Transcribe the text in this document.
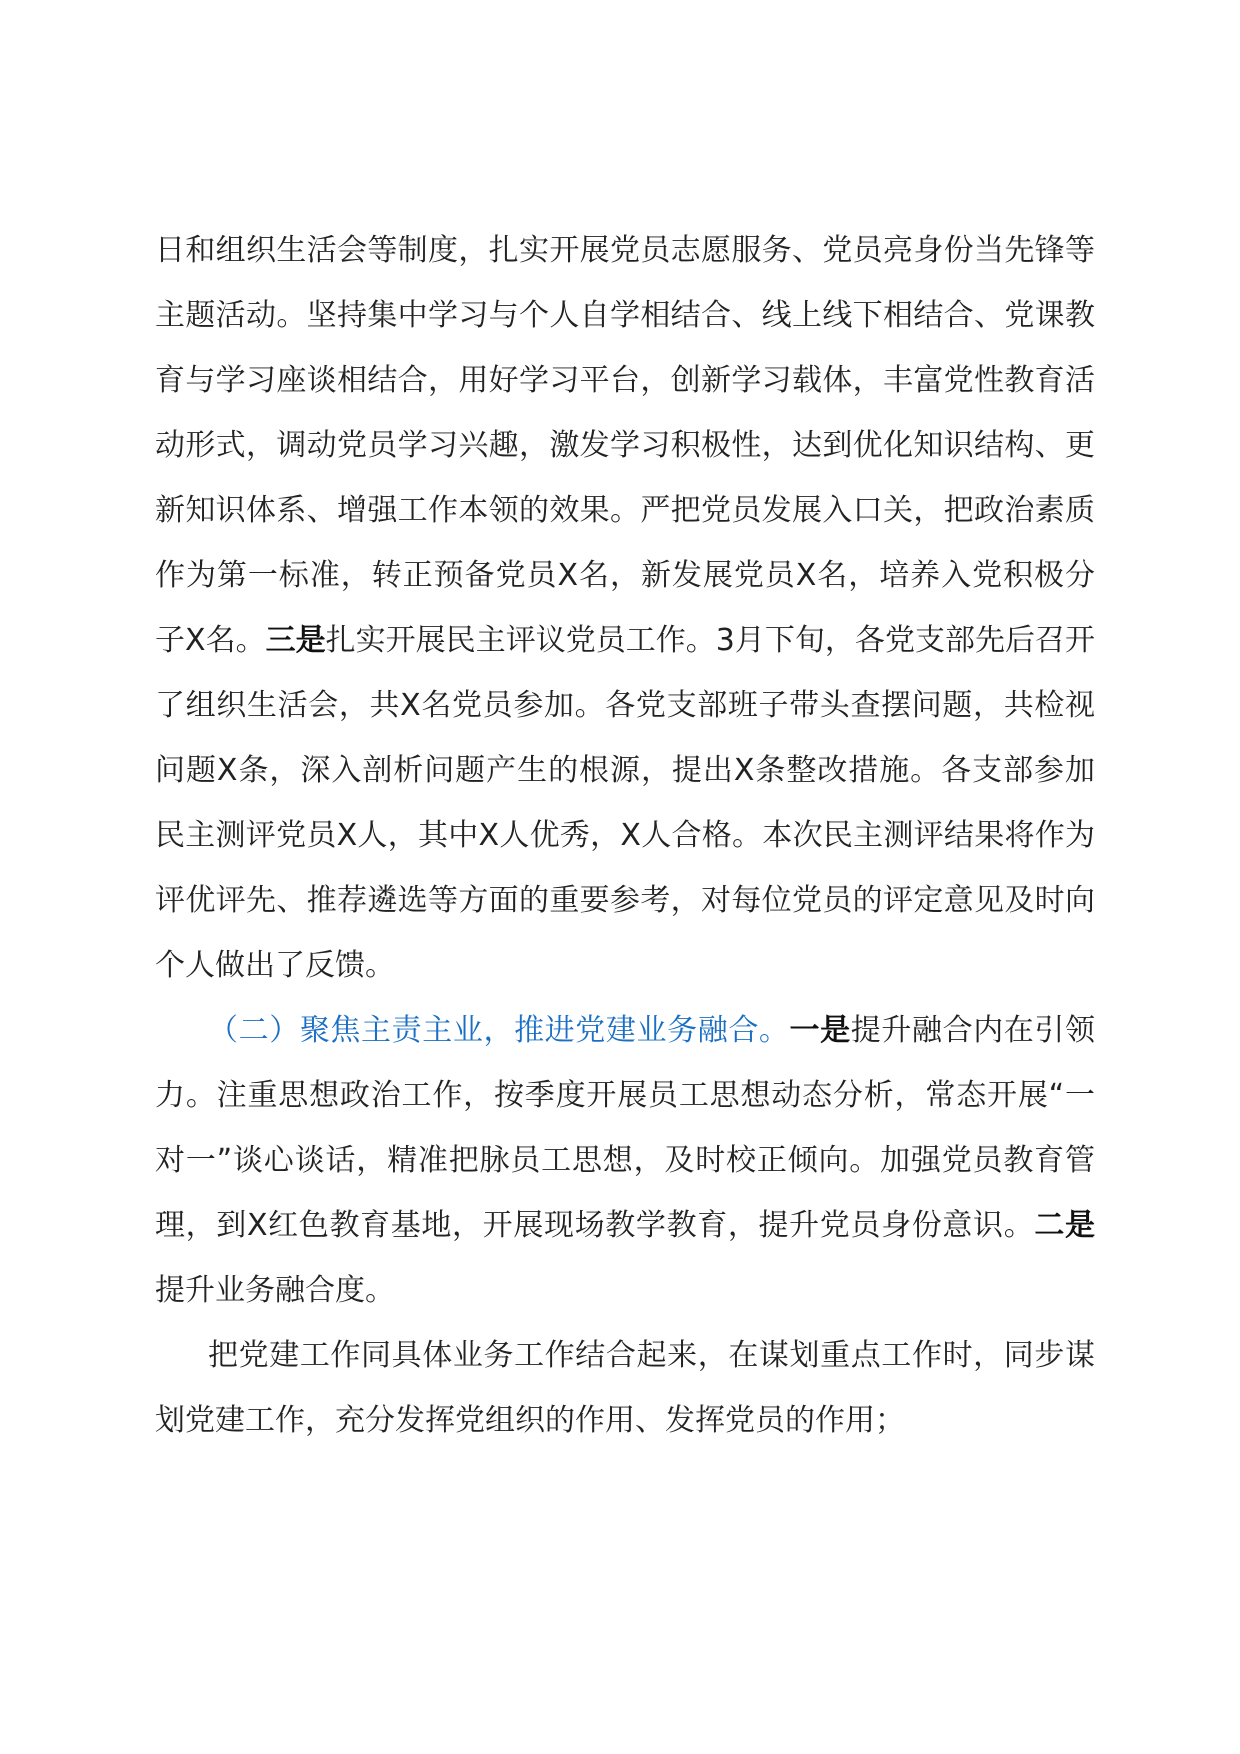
日和组织生活会等制度，扎实开展党员志愿服务、党员亮身份当先锋等主题活动。坚持集中学习与个人自学相结合、线上线下相结合、党课教育与学习座谈相结合，用好学习平台，创新学习载体，丰富党性教育活动形式，调动党员学习兴趣，激发学习积极性，达到优化知识结构、更新知识体系、增强工作本领的效果。严把党员发展入口关，把政治素质作为第一标准，转正预备党员X名，新发展党员X名，培养入党积极分子X名。三是扎实开展民主评议党员工作。3月下旬，各党支部先后召开了组织生活会，共X名党员参加。各党支部班子带头查摆问题，共检视问题X条，深入剖析问题产生的根源，提出X条整改措施。各支部参加民主测评党员X人，其中X人优秀，X人合格。本次民主测评结果将作为评优评先、推荐遴选等方面的重要参考，对每位党员的评定意见及时向个人做出了反馈。

（二）聚焦主责主业，推进党建业务融合。一是提升融合内在引领力。注重思想政治工作，按季度开展员工思想动态分析，常态开展“一对一”谈心谈话，精准把脉员工思想，及时校正倾向。加强党员教育管理，到X红色教育基地，开展现场教学教育，提升党员身份意识。二是提升业务融合度。

把党建工作同具体业务工作结合起来，在谋划重点工作时，同步谋划党建工作，充分发挥党组织的作用、发挥党员的作用；
